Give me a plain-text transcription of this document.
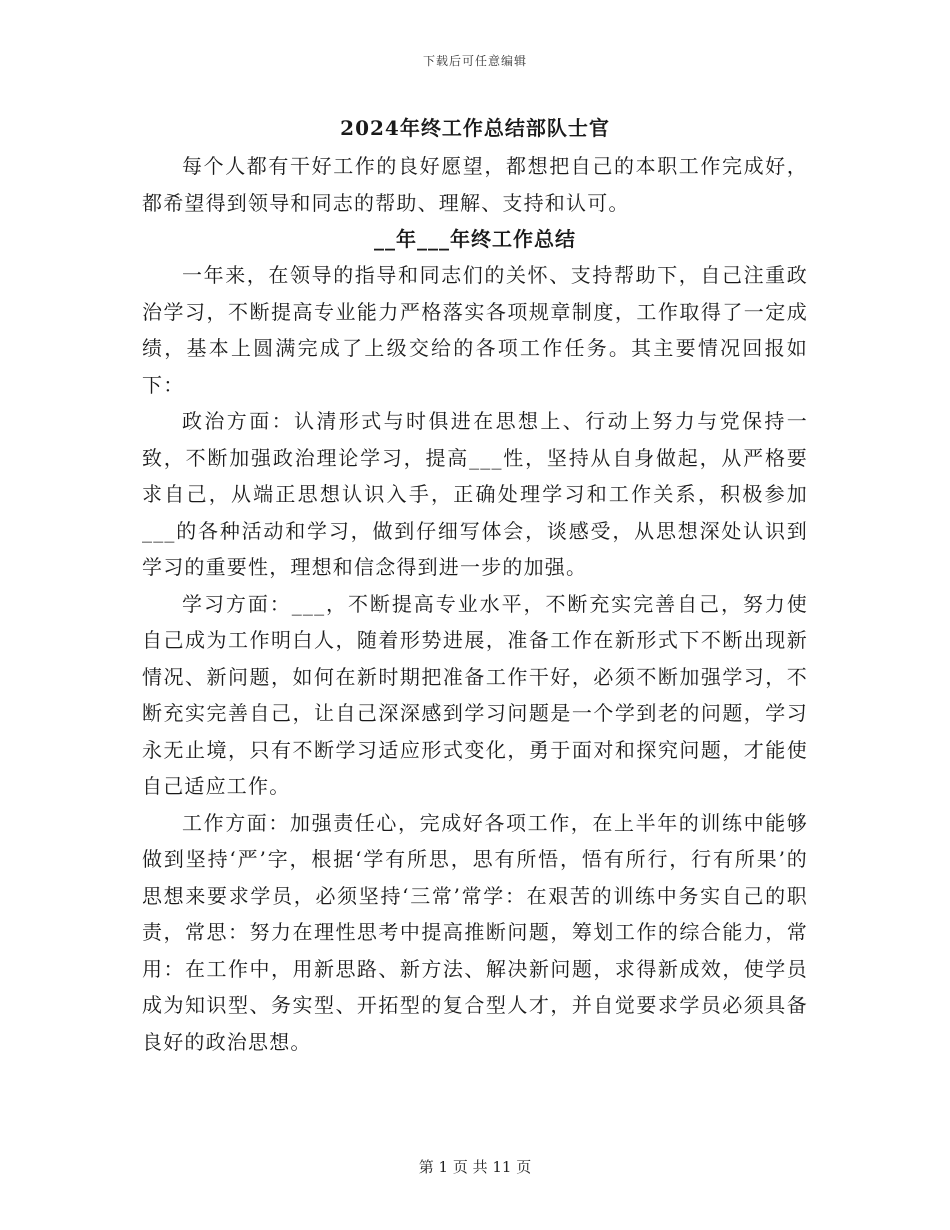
下载后可任意编辑
2024年终工作总结部队士官

每个人都有干好工作的良好愿望，都想把自己的本职工作完成好，都希望得到领导和同志的帮助、理解、支持和认可。

__年___年终工作总结

一年来，在领导的指导和同志们的关怀、支持帮助下，自己注重政治学习，不断提高专业能力严格落实各项规章制度，工作取得了一定成绩，基本上圆满完成了上级交给的各项工作任务。其主要情况回报如下：

政治方面：认清形式与时俱进在思想上、行动上努力与党保持一致，不断加强政治理论学习，提高___性，坚持从自身做起，从严格要求自己，从端正思想认识入手，正确处理学习和工作关系，积极参加___的各种活动和学习，做到仔细写体会，谈感受，从思想深处认识到学习的重要性，理想和信念得到进一步的加强。

学习方面：___，不断提高专业水平，不断充实完善自己，努力使自己成为工作明白人，随着形势进展，准备工作在新形式下不断出现新情况、新问题，如何在新时期把准备工作干好，必须不断加强学习，不断充实完善自己，让自己深深感到学习问题是一个学到老的问题，学习永无止境，只有不断学习适应形式变化，勇于面对和探究问题，才能使自己适应工作。

工作方面：加强责任心，完成好各项工作，在上半年的训练中能够做到坚持‘严’字，根据‘学有所思，思有所悟，悟有所行，行有所果’的思想来要求学员，必须坚持‘三常’常学：在艰苦的训练中务实自己的职责，常思：努力在理性思考中提高推断问题，筹划工作的综合能力，常用：在工作中，用新思路、新方法、解决新问题，求得新成效，使学员成为知识型、务实型、开拓型的复合型人才，并自觉要求学员必须具备良好的政治思想。

第 1 页 共 11 页
